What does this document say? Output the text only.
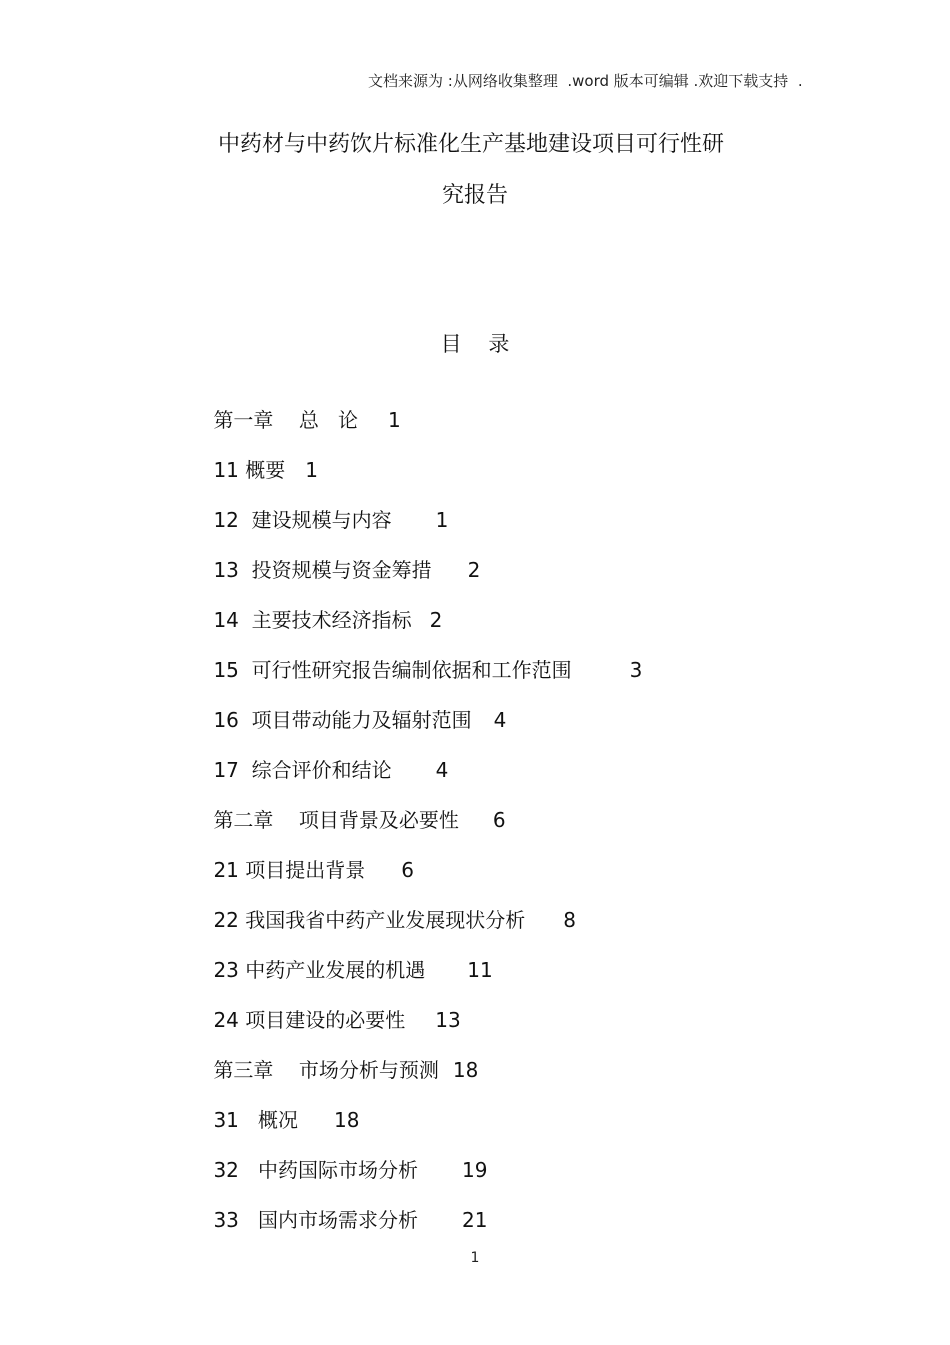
文档来源为 :从网络收集整理  .word 版本可编辑 .欢迎下载支持  .
中药材与中药饮片标准化生产基地建设项目可行性研
究报告
目    录

第一章    总   论 1

11 概要 1

12  建设规模与内容 1

13  投资规模与资金筹措 2

14  主要技术经济指标 2

15  可行性研究报告编制依据和工作范围	3

16  项目带动能力及辐射范围 4

17  综合评价和结论 4

第二章    项目背景及必要性 6

21 项目提出背景 6

22 我国我省中药产业发展现状分析 8

23 中药产业发展的机遇 11

24 项目建设的必要性 13

第三章    市场分析与预测 18

31   概况 18

32   中药国际市场分析 19

33   国内市场需求分析 21

1
